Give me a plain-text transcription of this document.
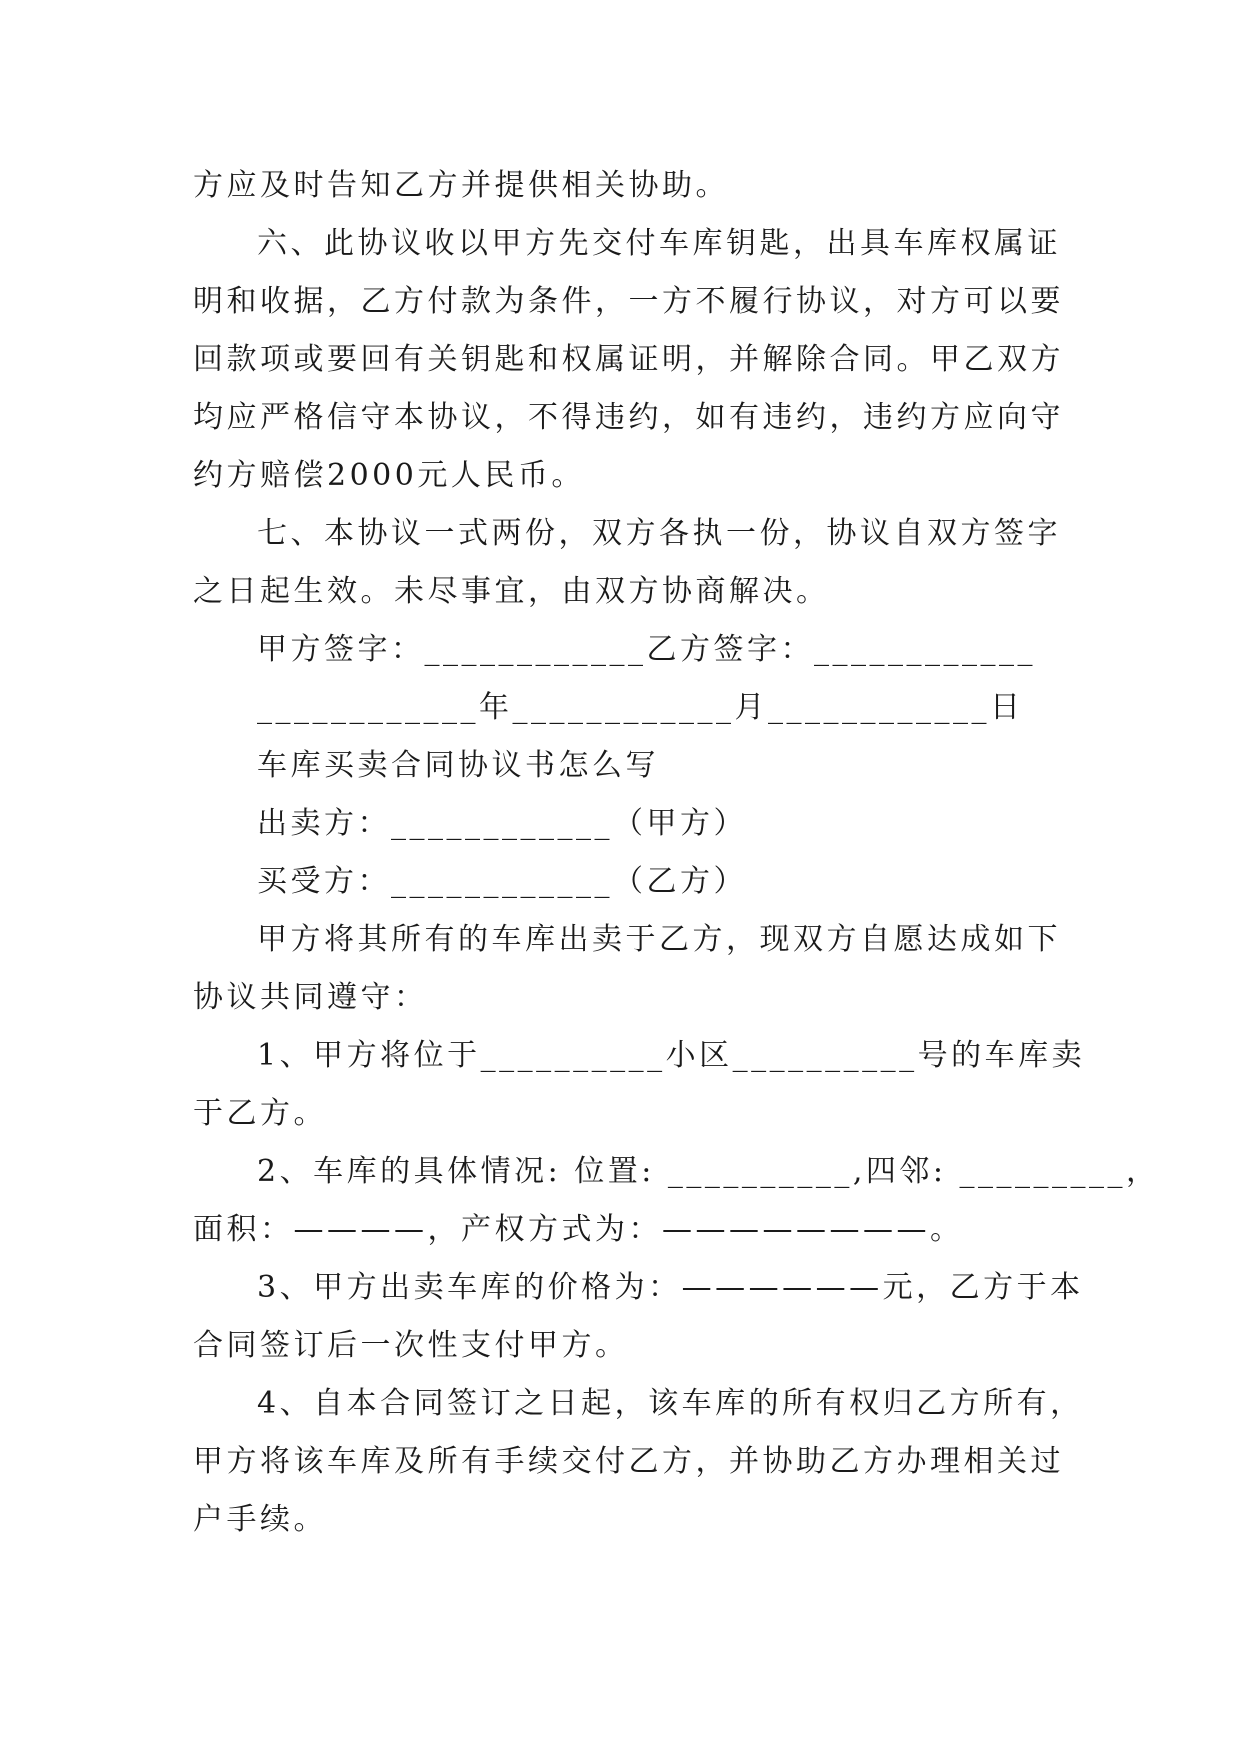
方应及时告知乙方并提供相关协助。
六、此协议收以甲方先交付车库钥匙，出具车库权属证
明和收据，乙方付款为条件，一方不履行协议，对方可以要
回款项或要回有关钥匙和权属证明，并解除合同。甲乙双方
均应严格信守本协议，不得违约，如有违约，违约方应向守
约方赔偿2000元人民币。
七、本协议一式两份，双方各执一份，协议自双方签字
之日起生效。未尽事宜，由双方协商解决。
甲方签字：____________乙方签字：____________
____________年____________月____________日
车库买卖合同协议书怎么写
出卖方：____________（甲方）
买受方：____________（乙方）
甲方将其所有的车库出卖于乙方，现双方自愿达成如下
协议共同遵守：
1、甲方将位于__________小区__________号的车库卖
于乙方。
2、车库的具体情况: 位置: __________,四邻: _________，
面积：————，产权方式为：————————。
3、甲方出卖车库的价格为：——————元，乙方于本
合同签订后一次性支付甲方。
4、自本合同签订之日起，该车库的所有权归乙方所有，
甲方将该车库及所有手续交付乙方，并协助乙方办理相关过
户手续。
